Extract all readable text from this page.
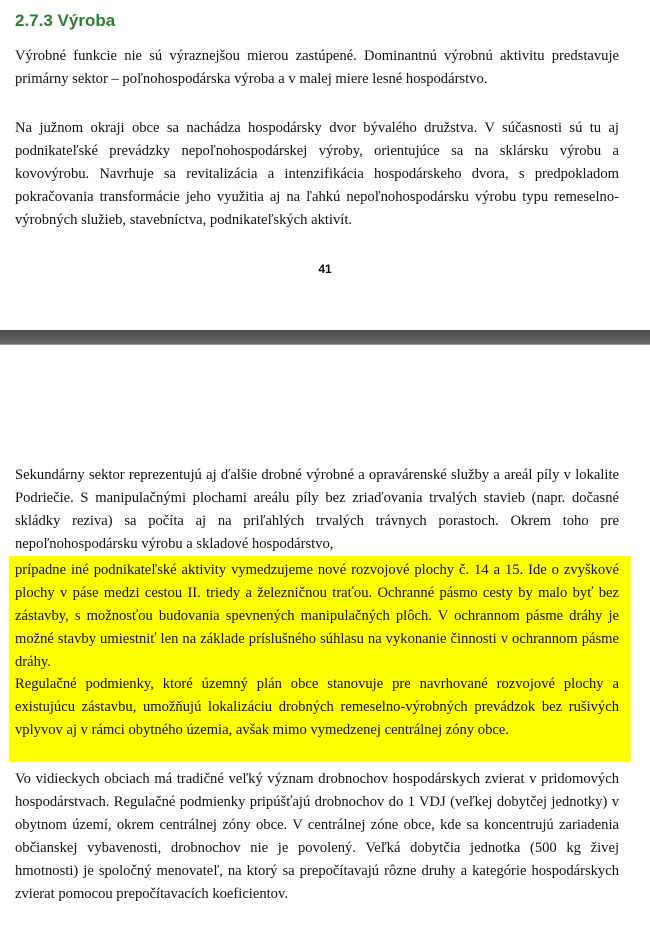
2.7.3 Výroba

Výrobné funkcie nie sú výraznejšou mierou zastúpené. Dominantnú výrobnú aktivitu predstavuje primárny sektor – poľnohospodárska výroba a v malej miere lesné hospodárstvo.

Na južnom okraji obce sa nachádza hospodársky dvor bývalého družstva. V súčasnosti sú tu aj podnikateľské prevádzky nepoľnohospodárskej výroby, orientujúce sa na sklársku výrobu a kovovýrobu. Navrhuje sa revitalizácia a intenzifikácia hospodárskeho dvora, s predpokladom pokračovania transformácie jeho využitia aj na ľahkú nepoľnohospodársku výrobu typu remeselno-výrobných služieb, stavebníctva, podnikateľských aktivít.

41

Sekundárny sektor reprezentujú aj ďalšie drobné výrobné a opravárenské služby a areál píly v lokalite Podriečie. S manipulačnými plochami areálu píly bez zriaďovania trvalých stavieb (napr. dočasné skládky reziva) sa počíta aj na priľahlých trvalých trávnych porastoch. Okrem toho pre nepoľnohospodársku výrobu a skladové hospodárstvo,

prípadne iné podnikateľské aktivity vymedzujeme nové rozvojové plochy č. 14 a 15. Ide o zvyškové plochy v páse medzi cestou II. triedy a železničnou traťou. Ochranné pásmo cesty by malo byť bez zástavby, s možnosťou budovania spevnených manipulačných plôch. V ochrannom pásme dráhy je možné stavby umiestniť len na základe príslušného súhlasu na vykonanie činnosti v ochrannom pásme dráhy.

Regulačné podmienky, ktoré územný plán obce stanovuje pre navrhované rozvojové plochy a existujúcu zástavbu, umožňujú lokalizáciu drobných remeselno-výrobných prevádzok bez rušivých vplyvov aj v rámci obytného územia, avšak mimo vymedzenej centrálnej zóny obce.

Vo vidieckych obciach má tradičné veľký význam drobnochov hospodárskych zvierat v pridomových hospodárstvach. Regulačné podmienky pripúšťajú drobnochov do 1 VDJ (veľkej dobytčej jednotky) v obytnom území, okrem centrálnej zóny obce. V centrálnej zóne obce, kde sa koncentrujú zariadenia občianskej vybavenosti, drobnochov nie je povolený. Veľká dobytčia jednotka (500 kg živej hmotnosti) je spoločný menovateľ, na ktorý sa prepočítavajú rôzne druhy a kategórie hospodárskych zvierat pomocou prepočítavacích koeficientov.
